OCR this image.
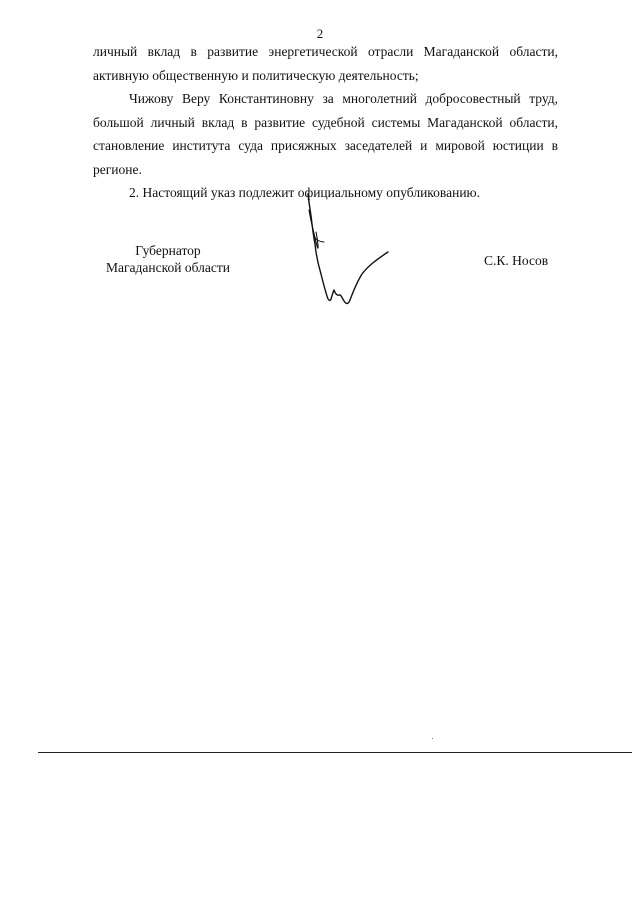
2

личный вклад в развитие энергетической отрасли Магаданской области, активную общественную и политическую деятельность;

Чижову Веру Константиновну за многолетний добросовестный труд, большой личный вклад в развитие судебной системы Магаданской области, становление института суда присяжных заседателей и мировой юстиции в регионе.

2. Настоящий указ подлежит официальному опубликованию.

Губернатор
Магаданской области	С.К. Носов
